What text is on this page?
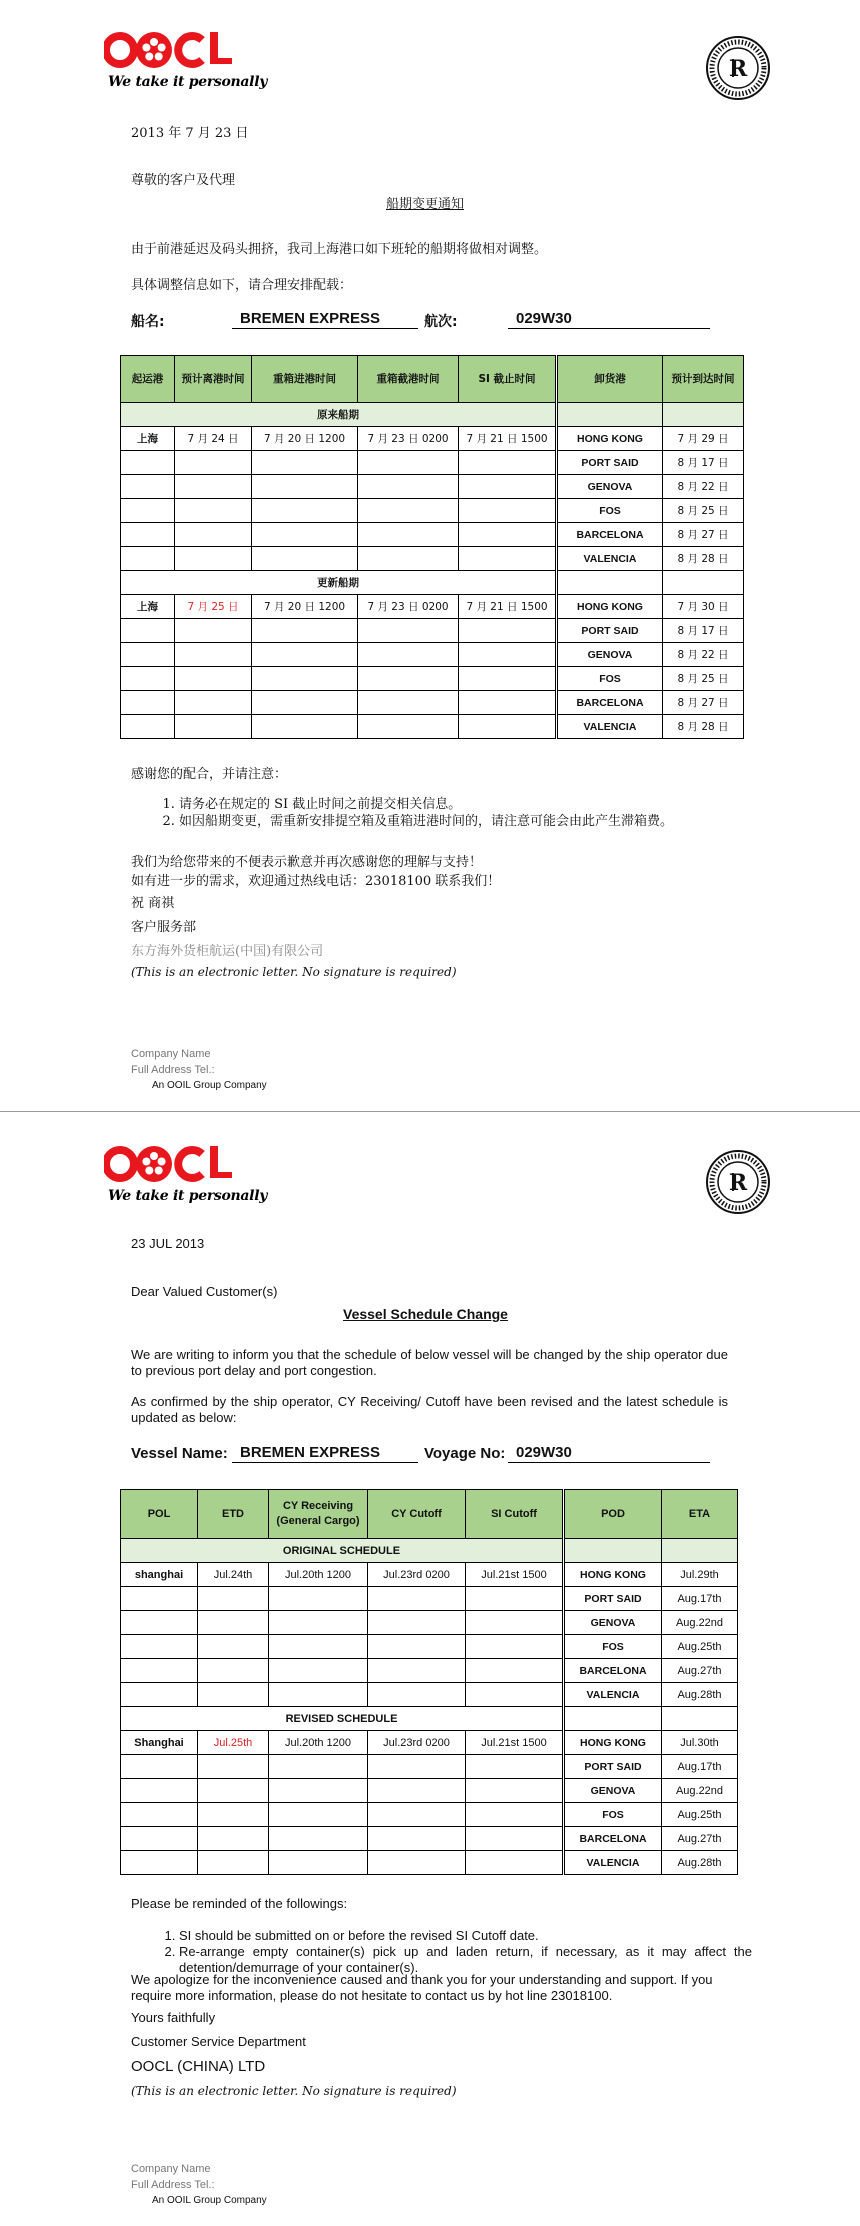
We take it personally	R
2013 年 7 月 23 日
尊敬的客户及代理
船期变更通知
由于前港延迟及码头拥挤，我司上海港口如下班轮的船期将做相对调整。
具体调整信息如下，请合理安排配载：
船名:	BREMEN EXPRESS	航次:	029W30
起运港	预计离港时间	重箱进港时间	重箱截港时间	SI 截止时间	卸货港	预计到达时间
原来船期						
上海	7 月 24 日	7 月 20 日 1200	7 月 23 日 0200	7 月 21 日 1500	HONG KONG	7 月 29 日
					PORT SAID	8 月 17 日
					GENOVA	8 月 22 日
					FOS	8 月 25 日
					BARCELONA	8 月 27 日
					VALENCIA	8 月 28 日
更新船期						
上海	7 月 25 日	7 月 20 日 1200	7 月 23 日 0200	7 月 21 日 1500	HONG KONG	7 月 30 日
					PORT SAID	8 月 17 日
					GENOVA	8 月 22 日
					FOS	8 月 25 日
					BARCELONA	8 月 27 日
					VALENCIA	8 月 28 日
感谢您的配合，并请注意：
1. 请务必在规定的 SI 截止时间之前提交相关信息。
2. 如因船期变更，需重新安排提空箱及重箱进港时间的，请注意可能会由此产生滞箱费。
我们为给您带来的不便表示歉意并再次感谢您的理解与支持！
如有进一步的需求，欢迎通过热线电话：23018100 联系我们！
祝 商祺
客户服务部
东方海外货柜航运(中国)有限公司
(This is an electronic letter. No signature is required)
Company Name
Full Address Tel.:
An OOIL Group Company
We take it personally	R
23 JUL 2013
Dear Valued Customer(s)
Vessel Schedule Change
We are writing to inform you that the schedule of below vessel will be changed by the ship operator due to previous port delay and port congestion.
As confirmed by the ship operator, CY Receiving/ Cutoff have been revised and the latest schedule is updated as below:
Vessel Name: BREMEN EXPRESS	Voyage No: 029W30
POL	ETD	CY Receiving (General Cargo)	CY Cutoff	SI Cutoff	POD	ETA
ORIGINAL SCHEDULE						
shanghai	Jul.24th	Jul.20th 1200	Jul.23rd 0200	Jul.21st 1500	HONG KONG	Jul.29th
					PORT SAID	Aug.17th
					GENOVA	Aug.22nd
					FOS	Aug.25th
					BARCELONA	Aug.27th
					VALENCIA	Aug.28th
REVISED SCHEDULE						
Shanghai	Jul.25th	Jul.20th 1200	Jul.23rd 0200	Jul.21st 1500	HONG KONG	Jul.30th
					PORT SAID	Aug.17th
					GENOVA	Aug.22nd
					FOS	Aug.25th
					BARCELONA	Aug.27th
					VALENCIA	Aug.28th
Please be reminded of the followings:
1. SI should be submitted on or before the revised SI Cutoff date.
2. Re-arrange empty container(s) pick up and laden return, if necessary, as it may affect the detention/demurrage of your container(s).
We apologize for the inconvenience caused and thank you for your understanding and support. If you require more information, please do not hesitate to contact us by hot line 23018100.
Yours faithfully
Customer Service Department
OOCL (CHINA) LTD
(This is an electronic letter. No signature is required)
Company Name
Full Address Tel.:
An OOIL Group Company
